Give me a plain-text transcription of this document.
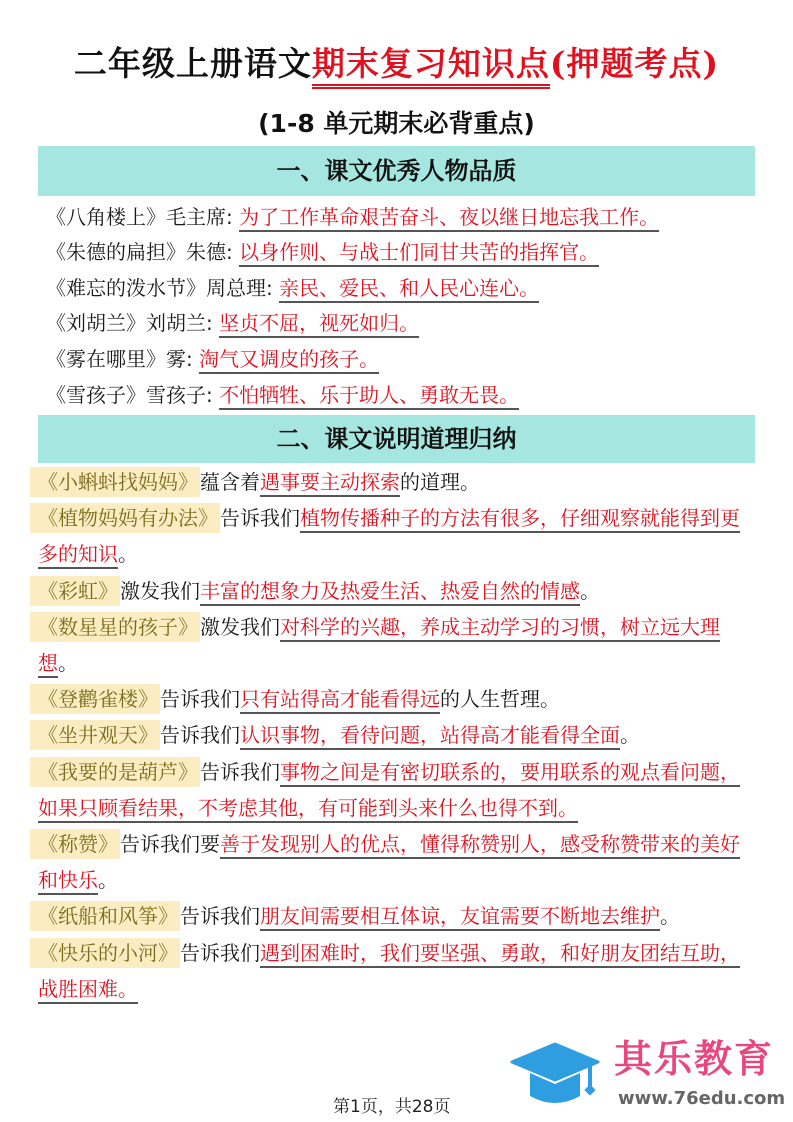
二年级上册语文期末复习知识点(押题考点)
(1-8 单元期末必背重点)
一、课文优秀人物品质
《八角楼上》毛主席: 为了工作革命艰苦奋斗、夜以继日地忘我工作。
《朱德的扁担》朱德: 以身作则、与战士们同甘共苦的指挥官。
《难忘的泼水节》周总理: 亲民、爱民、和人民心连心。
《刘胡兰》刘胡兰: 坚贞不屈，视死如归。
《雾在哪里》雾: 淘气又调皮的孩子。
《雪孩子》雪孩子: 不怕牺牲、乐于助人、勇敢无畏。
二、课文说明道理归纳

《小蝌蚪找妈妈》 蕴含着遇事要主动探索的道理。

《植物妈妈有办法》 告诉我们植物传播种子的方法有很多，仔细观察就能得到更多的知识。

《彩虹》 激发我们丰富的想象力及热爱生活、热爱自然的情感。

《数星星的孩子》 激发我们对科学的兴趣，养成主动学习的习惯，树立远大理想。

《登鹳雀楼》 告诉我们只有站得高才能看得远的人生哲理。

《坐井观天》 告诉我们认识事物，看待问题，站得高才能看得全面。

《我要的是葫芦》 告诉我们事物之间是有密切联系的，要用联系的观点看问题，如果只顾看结果，不考虑其他，有可能到头来什么也得不到。

《称赞》 告诉我们要善于发现别人的优点，懂得称赞别人，感受称赞带来的美好和快乐。

《纸船和风筝》 告诉我们朋友间需要相互体谅，友谊需要不断地去维护。

《快乐的小河》 告诉我们遇到困难时，我们要坚强、勇敢，和好朋友团结互助，战胜困难。

第1页，共28页
其乐教育
www.76edu.com
